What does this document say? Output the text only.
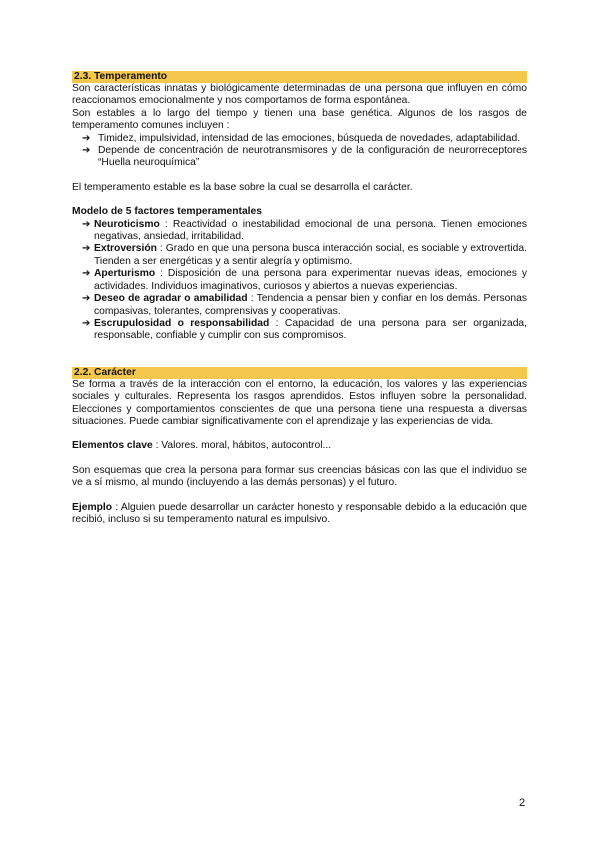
2.3. Temperamento

Son características innatas y biológicamente determinadas de una persona que influyen en cómo reaccionamos emocionalmente y nos comportamos de forma espontánea.

Son estables a lo largo del tiempo y tienen una base genética. Algunos de los rasgos de temperamento comunes incluyen :

➔ Timidez, impulsividad, intensidad de las emociones, búsqueda de novedades, adaptabilidad.
➔ Depende de concentración de neurotransmisores y de la configuración de neurorreceptores “Huella neuroquímica”

El temperamento estable es la base sobre la cual se desarrolla el carácter.

Modelo de 5 factores temperamentales

➔ Neuroticismo : Reactividad o inestabilidad emocional de una persona. Tienen emociones negativas, ansiedad, irritabilidad.
➔ Extroversión : Grado en que una persona busca interacción social, es sociable y extrovertida. Tienden a ser energéticas y a sentir alegría y optimismo.
➔ Aperturismo : Disposición de una persona para experimentar nuevas ideas, emociones y actividades. Individuos imaginativos, curiosos y abiertos a nuevas experiencias.
➔ Deseo de agradar o amabilidad : Tendencia a pensar bien y confiar en los demás. Personas compasivas, tolerantes, comprensivas y cooperativas.
➔ Escrupulosidad o responsabilidad : Capacidad de una persona para ser organizada, responsable, confiable y cumplir con sus compromisos.
2.2. Carácter

Se forma a través de la interacción con el entorno, la educación, los valores y las experiencias sociales y culturales. Representa los rasgos aprendidos. Estos influyen sobre la personalidad. Elecciones y comportamientos conscientes de que una persona tiene una respuesta a diversas situaciones. Puede cambiar significativamente con el aprendizaje y las experiencias de vida.

Elementos clave : Valores. moral, hábitos, autocontrol...

Son esquemas que crea la persona para formar sus creencias básicas con las que el individuo se ve a sí mismo, al mundo (incluyendo a las demás personas) y el futuro.

Ejemplo : Alguien puede desarrollar un carácter honesto y responsable debido a la educación que recibió, incluso si su temperamento natural es impulsivo.

2
